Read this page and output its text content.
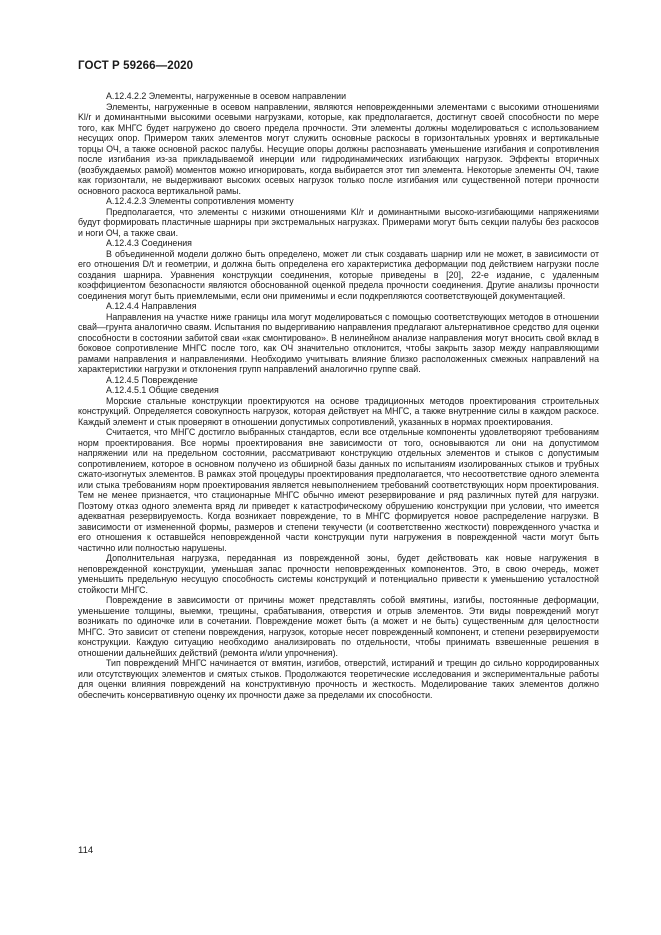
ГОСТ Р 59266—2020

А.12.4.2.2 Элементы, нагруженные в осевом направлении

Элементы, нагруженные в осевом направлении, являются неповрежденными элементами с высокими отношениями Kl/r и доминантными высокими осевыми нагрузками, которые, как предполагается, достигнут своей способности по мере того, как МНГС будет нагружено до своего предела прочности. Эти элементы должны моделироваться с использованием несущих опор. Примером таких элементов могут служить основные раскосы в горизонтальных уровнях и вертикальные торцы ОЧ, а также основной раскос палубы. Несущие опоры должны распознавать уменьшение изгибания и сопротивления после изгибания из-за прикладываемой инерции или гидродинамических изгибающих нагрузок. Эффекты вторичных (возбуждаемых рамой) моментов можно игнорировать, когда выбирается этот тип элемента. Некоторые элементы ОЧ, такие как горизонтали, не выдерживают высоких осевых нагрузок только после изгибания или существенной потери прочности основного раскоса вертикальной рамы.

А.12.4.2.3 Элементы сопротивления моменту

Предполагается, что элементы с низкими отношениями Kl/r и доминантными высоко-изгибающими напряжениями будут формировать пластичные шарниры при экстремальных нагрузках. Примерами могут быть секции палубы без раскосов и ноги ОЧ, а также сваи.

А.12.4.3 Соединения

В объединенной модели должно быть определено, может ли стык создавать шарнир или не может, в зависимости от его отношения D/t и геометрии, и должна быть определена его характеристика деформации под действием нагрузки после создания шарнира. Уравнения конструкции соединения, которые приведены в [20], 22-е издание, с удаленным коэффициентом безопасности являются обоснованной оценкой предела прочности соединения. Другие анализы прочности соединения могут быть приемлемыми, если они применимы и если подкрепляются соответствующей документацией.

А.12.4.4 Направления

Направления на участке ниже границы ила могут моделироваться с помощью соответствующих методов в отношении свай—грунта аналогично сваям. Испытания по выдергиванию направления предлагают альтернативное средство для оценки способности в состоянии забитой сваи «как смонтировано». В нелинейном анализе направления могут вносить свой вклад в боковое сопротивление МНГС после того, как ОЧ значительно отклонится, чтобы закрыть зазор между направляющими рамами направления и направлениями. Необходимо учитывать влияние близко расположенных смежных направлений на характеристики нагрузки и отклонения групп направлений аналогично группе свай.

А.12.4.5 Повреждение

А.12.4.5.1 Общие сведения

Морские стальные конструкции проектируются на основе традиционных методов проектирования строительных конструкций. Определяется совокупность нагрузок, которая действует на МНГС, а также внутренние силы в каждом раскосе. Каждый элемент и стык проверяют в отношении допустимых сопротивлений, указанных в нормах проектирования.

Считается, что МНГС достигло выбранных стандартов, если все отдельные компоненты удовлетворяют требованиям норм проектирования. Все нормы проектирования вне зависимости от того, основываются ли они на допустимом напряжении или на предельном состоянии, рассматривают конструкцию отдельных элементов и стыков с допустимым сопротивлением, которое в основном получено из обширной базы данных по испытаниям изолированных стыков и трубных сжато-изогнутых элементов. В рамках этой процедуры проектирования предполагается, что несоответствие одного элемента или стыка требованиям норм проектирования является невыполнением требований соответствующих норм проектирования. Тем не менее признается, что стационарные МНГС обычно имеют резервирование и ряд различных путей для нагрузки. Поэтому отказ одного элемента вряд ли приведет к катастрофическому обрушению конструкции при условии, что имеется адекватная резервируемость. Когда возникает повреждение, то в МНГС формируется новое распределение нагрузки. В зависимости от измененной формы, размеров и степени текучести (и соответственно жесткости) поврежденного участка и его отношения к оставшейся неповрежденной части конструкции пути нагружения в поврежденной части могут быть частично или полностью нарушены.

Дополнительная нагрузка, переданная из поврежденной зоны, будет действовать как новые нагружения в неповрежденной конструкции, уменьшая запас прочности неповрежденных компонентов. Это, в свою очередь, может уменьшить предельную несущую способность системы конструкций и потенциально привести к уменьшению усталостной стойкости МНГС.

Повреждение в зависимости от причины может представлять собой вмятины, изгибы, постоянные деформации, уменьшение толщины, выемки, трещины, срабатывания, отверстия и отрыв элементов. Эти виды повреждений могут возникать по одиночке или в сочетании. Повреждение может быть (а может и не быть) существенным для целостности МНГС. Это зависит от степени повреждения, нагрузок, которые несет поврежденный компонент, и степени резервируемости конструкции. Каждую ситуацию необходимо анализировать по отдельности, чтобы принимать взвешенные решения в отношении дальнейших действий (ремонта и/или упрочнения).

Тип повреждений МНГС начинается от вмятин, изгибов, отверстий, истираний и трещин до сильно корродированных или отсутствующих элементов и смятых стыков. Продолжаются теоретические исследования и экспериментальные работы для оценки влияния повреждений на конструктивную прочность и жесткость. Моделирование таких элементов должно обеспечить консервативную оценку их прочности даже за пределами их способности.

114
